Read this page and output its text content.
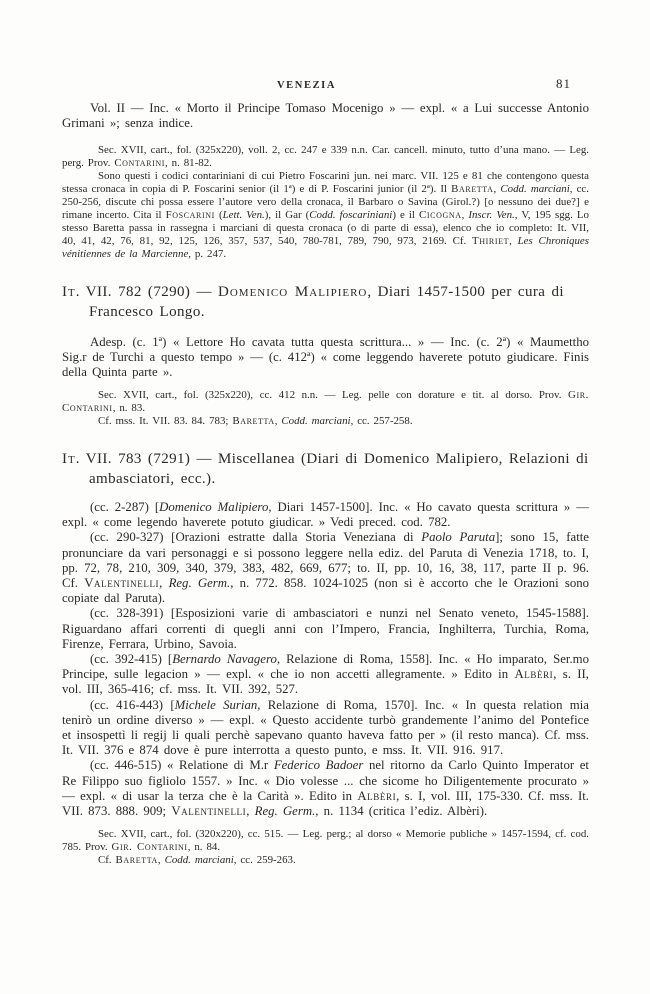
VENEZIA	81

Vol. II — Inc. « Morto il Principe Tomaso Mocenigo » — expl. « a Lui successe Antonio Grimani »; senza indice.

Sec. XVII, cart., fol. (325x220), voll. 2, cc. 247 e 339 n.n. Car. cancell. minuto, tutto d’una mano. — Leg. perg. Prov. Contarini, n. 81-82.

Sono questi i codici contariniani di cui Pietro Foscarini jun. nei marc. VII. 125 e 81 che contengono questa stessa cronaca in copia di P. Foscarini senior (il 1ª) e di P. Foscarini junior (il 2ª). Il Baretta, Codd. marciani, cc. 250-256, discute chi possa essere l’autore vero della cronaca, il Barbaro o Savina (Girol.?) [o nessuno dei due?] e rimane incerto. Cita il Foscarini (Lett. Ven.), il Gar (Codd. foscariniani) e il Cicogna, Inscr. Ven., V, 195 sgg. Lo stesso Baretta passa in rassegna i marciani di questa cronaca (o di parte di essa), elenco che io completo: It. VII, 40, 41, 42, 76, 81, 92, 125, 126, 357, 537, 540, 780-781, 789, 790, 973, 2169. Cf. Thiriet, Les Chroniques vénitiennes de la Marcienne, p. 247.

It. VII. 782 (7290) — Domenico Malipiero, Diari 1457-1500 per cura di Francesco Longo.

Adesp. (c. 1ª) « Lettore Ho cavata tutta questa scrittura... » — Inc. (c. 2ª) « Maumettho Sig.r de Turchi a questo tempo » — (c. 412ª) « come leggendo haverete potuto giudicare. Finis della Quinta parte ».

Sec. XVII, cart., fol. (325x220), cc. 412 n.n. — Leg. pelle con dorature e tit. al dorso. Prov. Gir. Contarini, n. 83.

Cf. mss. It. VII. 83. 84. 783; Baretta, Codd. marciani, cc. 257-258.

It. VII. 783 (7291) — Miscellanea (Diari di Domenico Malipiero, Relazioni di ambasciatori, ecc.).

(cc. 2-287) [Domenico Malipiero, Diari 1457-1500]. Inc. « Ho cavato questa scrittura » — expl. « come legendo haverete potuto giudicar. » Vedi preced. cod. 782.

(cc. 290-327) [Orazioni estratte dalla Storia Veneziana di Paolo Paruta]; sono 15, fatte pronunciare da vari personaggi e si possono leggere nella ediz. del Paruta di Venezia 1718, to. I, pp. 72, 78, 210, 309, 340, 379, 383, 482, 669, 677; to. II, pp. 10, 16, 38, 117, parte II p. 96. Cf. Valentinelli, Reg. Germ., n. 772. 858. 1024-1025 (non si è accorto che le Orazioni sono copiate dal Paruta).

(cc. 328-391) [Esposizioni varie di ambasciatori e nunzi nel Senato veneto, 1545-1588]. Riguardano affari correnti di quegli anni con l’Impero, Francia, Inghilterra, Turchia, Roma, Firenze, Ferrara, Urbino, Savoia.

(cc. 392-415) [Bernardo Navagero, Relazione di Roma, 1558]. Inc. « Ho imparato, Ser.mo Principe, sulle legacion » — expl. « che io non accetti allegramente. » Edito in Albèri, s. II, vol. III, 365-416; cf. mss. It. VII. 392, 527.

(cc. 416-443) [Michele Surian, Relazione di Roma, 1570]. Inc. « In questa relation mia tenirò un ordine diverso » — expl. « Questo accidente turbò grandemente l’animo del Pontefice et insospettì li regij li quali perchè sapevano quanto haveva fatto per » (il resto manca). Cf. mss. It. VII. 376 e 874 dove è pure interrotta a questo punto, e mss. It. VII. 916. 917.

(cc. 446-515) « Relatione di M.r Federico Badoer nel ritorno da Carlo Quinto Imperator et Re Filippo suo figliolo 1557. » Inc. « Dio volesse ... che sicome ho Diligentemente procurato » — expl. « di usar la terza che è la Carità ». Edito in Albèri, s. I, vol. III, 175-330. Cf. mss. It. VII. 873. 888. 909; Valentinelli, Reg. Germ., n. 1134 (critica l’ediz. Albèri).

Sec. XVII, cart., fol. (320x220), cc. 515. — Leg. perg.; al dorso « Memorie publiche » 1457-1594, cf. cod. 785. Prov. Gir. Contarini, n. 84.

Cf. Baretta, Codd. marciani, cc. 259-263.
